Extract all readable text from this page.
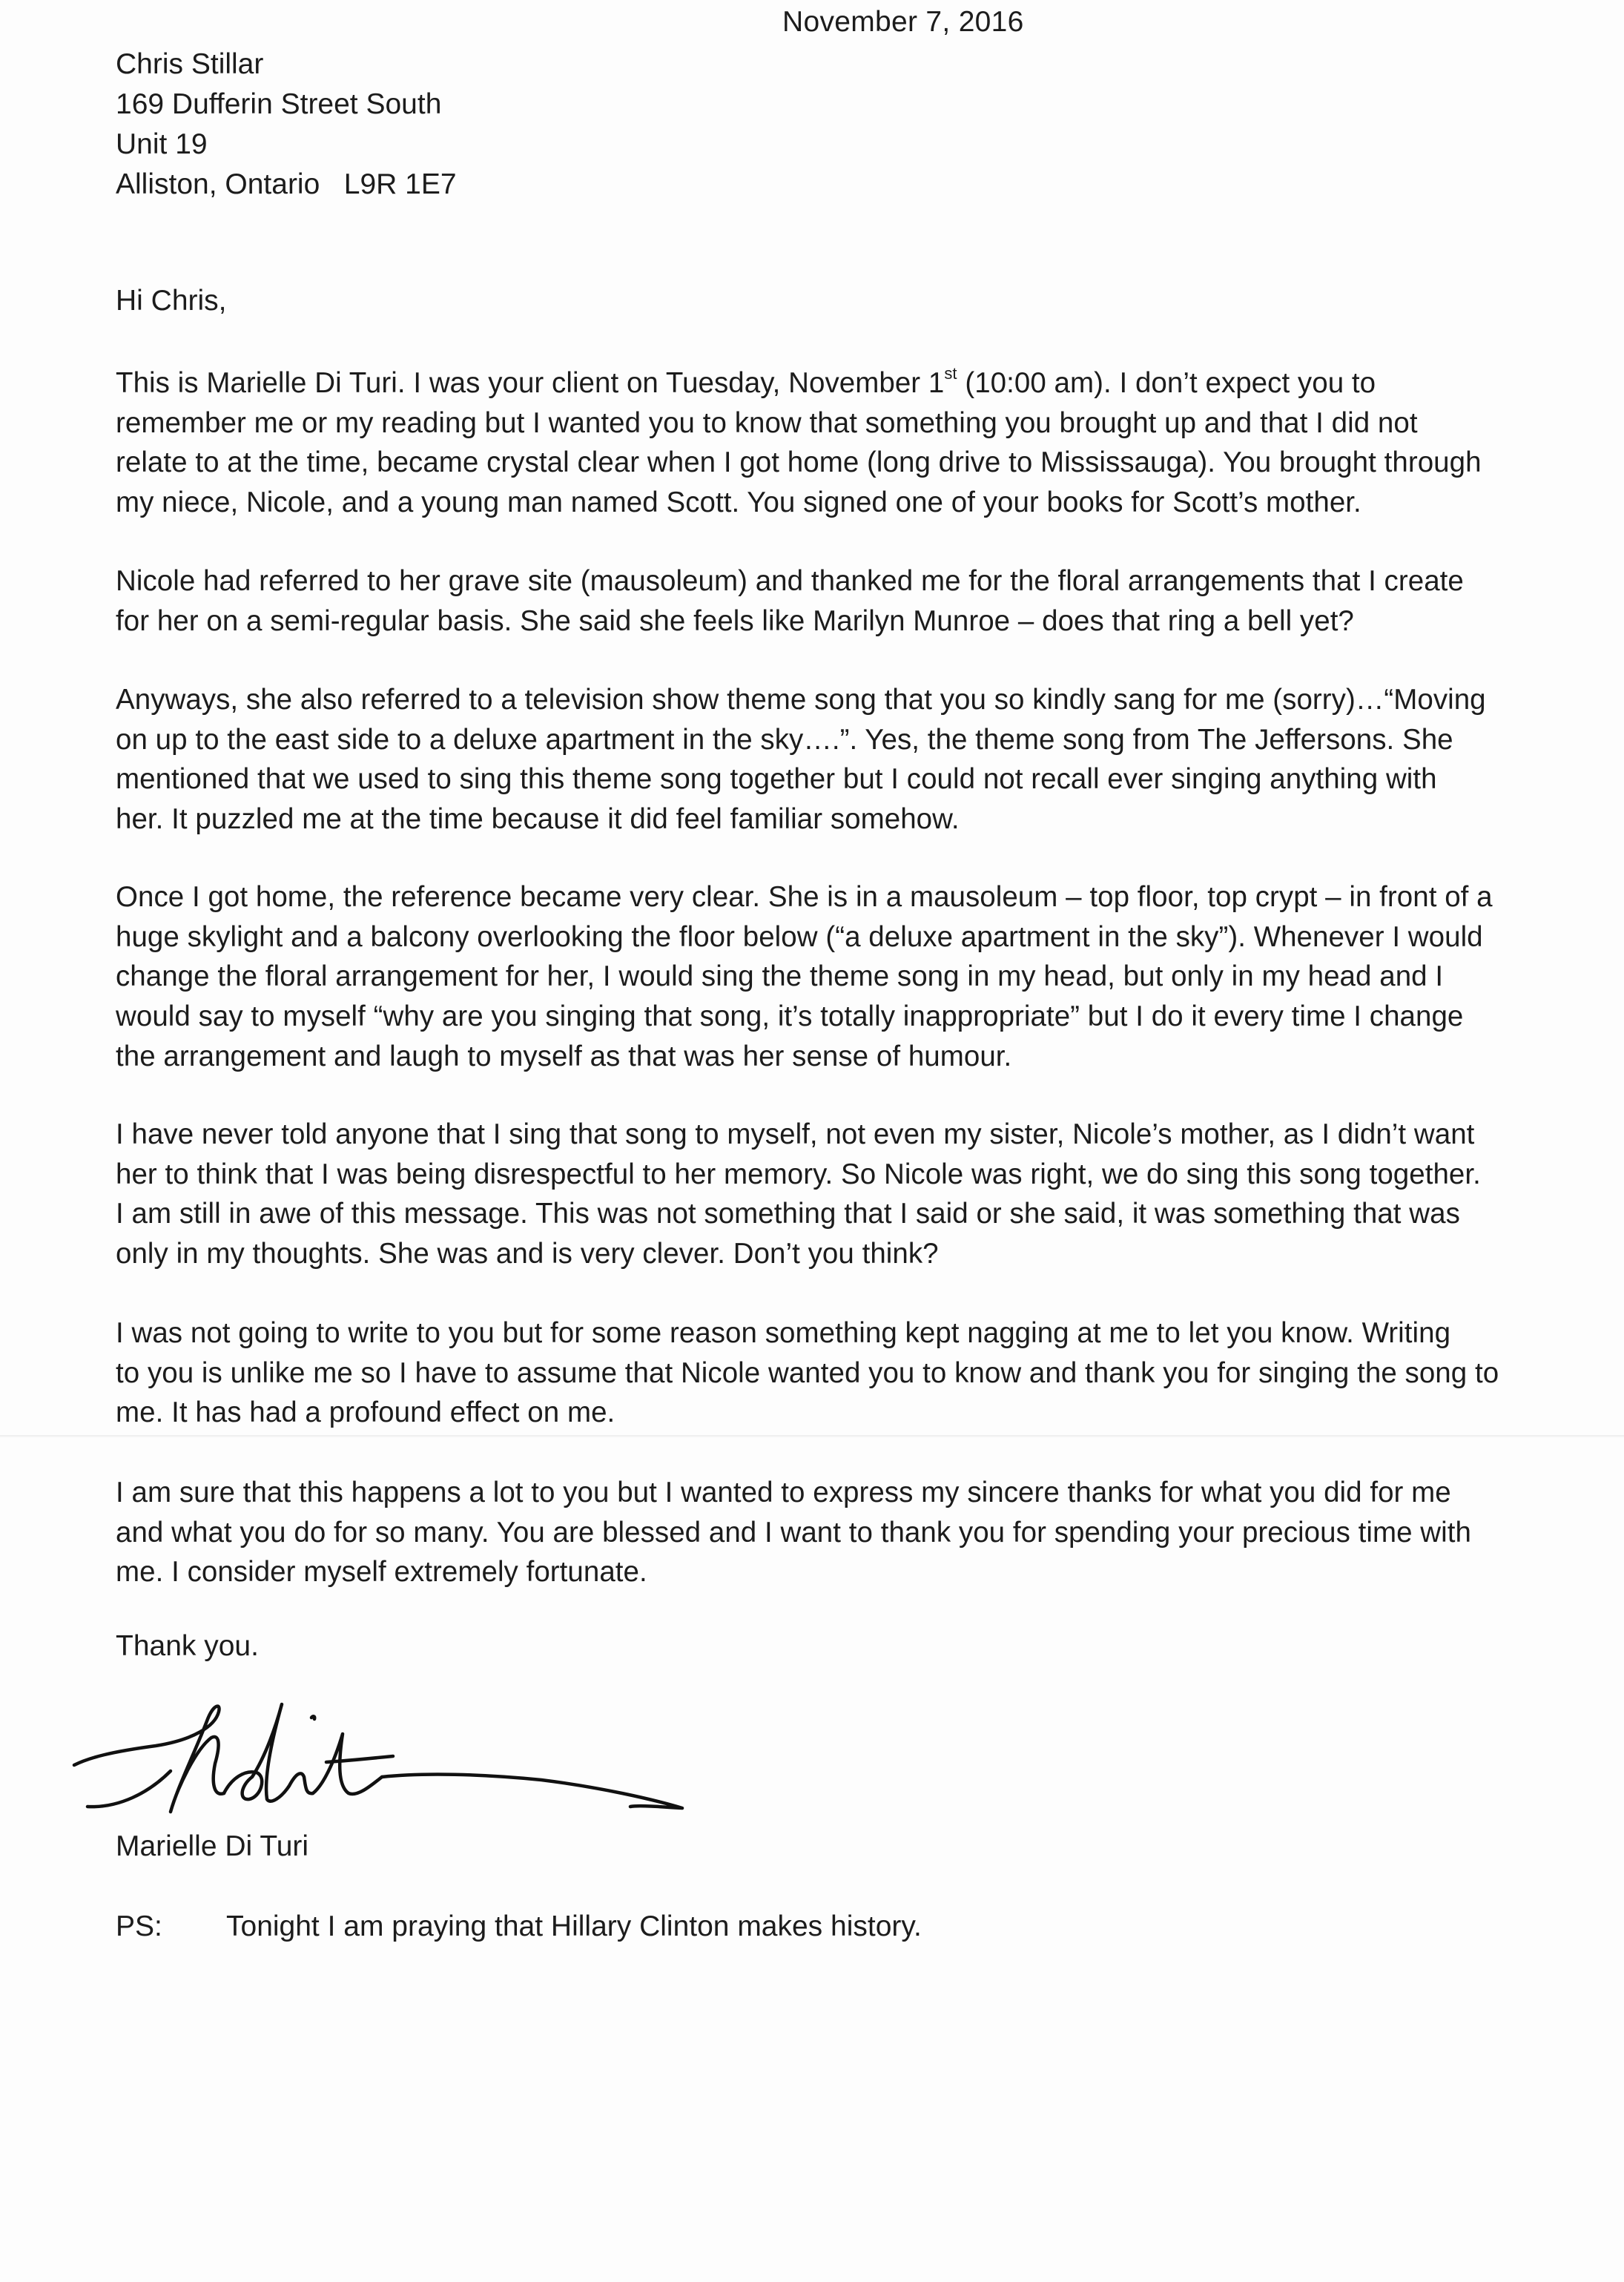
November 7, 2016
Chris Stillar
169 Dufferin Street South
Unit 19
Alliston, Ontario   L9R 1E7
Hi Chris,
This is Marielle Di Turi. I was your client on Tuesday, November 1st (10:00 am). I don’t expect you to
remember me or my reading but I wanted you to know that something you brought up and that I did not
relate to at the time, became crystal clear when I got home (long drive to Mississauga). You brought through
my niece, Nicole, and a young man named Scott. You signed one of your books for Scott’s mother.
Nicole had referred to her grave site (mausoleum) and thanked me for the floral arrangements that I create
for her on a semi-regular basis. She said she feels like Marilyn Munroe – does that ring a bell yet?
Anyways, she also referred to a television show theme song that you so kindly sang for me (sorry)…“Moving
on up to the east side to a deluxe apartment in the sky….”. Yes, the theme song from The Jeffersons. She
mentioned that we used to sing this theme song together but I could not recall ever singing anything with
her. It puzzled me at the time because it did feel familiar somehow.
Once I got home, the reference became very clear. She is in a mausoleum – top floor, top crypt – in front of a
huge skylight and a balcony overlooking the floor below (“a deluxe apartment in the sky”). Whenever I would
change the floral arrangement for her, I would sing the theme song in my head, but only in my head and I
would say to myself “why are you singing that song, it’s totally inappropriate” but I do it every time I change
the arrangement and laugh to myself as that was her sense of humour.
I have never told anyone that I sing that song to myself, not even my sister, Nicole’s mother, as I didn’t want
her to think that I was being disrespectful to her memory. So Nicole was right, we do sing this song together.
I am still in awe of this message. This was not something that I said or she said, it was something that was
only in my thoughts. She was and is very clever. Don’t you think?
I was not going to write to you but for some reason something kept nagging at me to let you know. Writing
to you is unlike me so I have to assume that Nicole wanted you to know and thank you for singing the song to
me. It has had a profound effect on me.
I am sure that this happens a lot to you but I wanted to express my sincere thanks for what you did for me
and what you do for so many. You are blessed and I want to thank you for spending your precious time with
me. I consider myself extremely fortunate.
Thank you.
Marielle Di Turi
PS: Tonight I am praying that Hillary Clinton makes history.
